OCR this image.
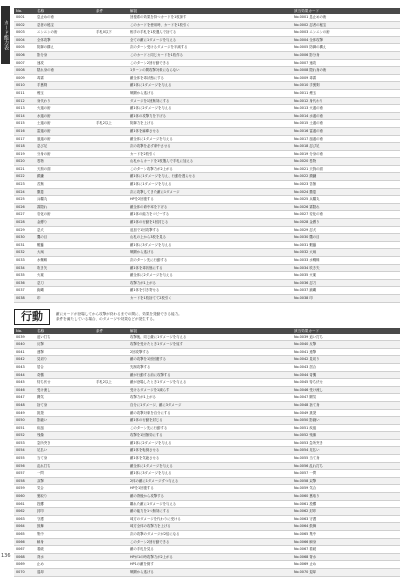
カード能力表
136
No.	名称	条件	解説	該当効果カード
0001	息止めの術		回復系の効果を持つカードを1枚探す	No.0001 息止めの術
0002	忍者の秘宝		このカードを使用時、カードを1枚引く	No.0002 忍者の秘宝
0003	ニンニンの術	手札0以下	相手の手札を1枚選んで捨てる	No.0003 ニンニンの術
0004	全体攻撃		全ての敵に1ダメージを与える	No.0004 全体攻撃
0005	防御の構え		次のターン受けるダメージを半減する	No.0005 防御の構え
0006	影分身		このカードと同じカードを1枚作る	No.0006 影分身
0007	速攻		このターン2回行動できる	No.0007 速攻
0008	隠れ身の術		1ターンの間攻撃対象にならない	No.0008 隠れ身の術
0009	毒霧		敵全体を毒状態にする	No.0009 毒霧
0010	手裏剣		敵1体に1ダメージを与える	No.0010 手裏剣
0011	煙玉		戦闘から逃げる	No.0011 煙玉
0012	身代わり		ダメージを1回無効にする	No.0012 身代わり
0013	火遁の術		敵1体に2ダメージを与える	No.0013 火遁の術
0014	水遁の術		敵1体の攻撃力を下げる	No.0014 水遁の術
0015	土遁の術	手札2以上	防御力を上げる	No.0015 土遁の術
0016	雷遁の術		敵1体を麻痺させる	No.0016 雷遁の術
0017	風遁の術		敵全体に1ダメージを与える	No.0017 風遁の術
0018	忍び足		次の攻撃を必ず命中させる	No.0018 忍び足
0019	分身の術		カードを2枚引く	No.0019 分身の術
0020	巻物		山札からカードを1枚選んで手札に加える	No.0020 巻物
0021	天狗の面		このターン攻撃力が2上がる	No.0021 天狗の面
0022	鎖鎌		敵1体に1ダメージを与え、行動を遅らせる	No.0022 鎖鎌
0023	苦無		敵1体に1ダメージを与える	No.0023 苦無
0024	撒菱		次に攻撃してきた敵に1ダメージ	No.0024 撒菱
0025	兵糧丸		HPを2回復する	No.0025 兵糧丸
0026	霧隠れ		敵全体の命中率を下げる	No.0026 霧隠れ
0027	変化の術		敵1体の能力をコピーする	No.0027 変化の術
0028	金縛り		敵1体の行動を1回封じる	No.0028 金縛り
0029	忍犬		追加で1回攻撃する	No.0029 忍犬
0030	鷹の目		山札の上から3枚を見る	No.0030 鷹の目
0031	蝦蟇		敵1体に3ダメージを与える	No.0031 蝦蟇
0032	大凧		戦闘から逃げる	No.0032 大凧
0033	水蜘蛛		次のターン先に行動する	No.0033 水蜘蛛
0034	吹き矢		敵1体を毒状態にする	No.0034 吹き矢
0035	火薬		敵全体に2ダメージを与える	No.0035 火薬
0036	忍刀		攻撃力が1上がる	No.0036 忍刀
0037	鉤縄		敵1体を引き寄せる	No.0037 鉤縄
0038	印		カードを1枚捨てて2枚引く	No.0038 印
行動	敵にカードが登場してから攻撃が終わるまでの間に、効果を発動できる能力。
条件を満たしている場合、のダメージや効果などが発生する。
No.	名称	条件	解説	該当効果カード
0039	追い打ち		攻撃後、同じ敵に1ダメージを与える	No.0039 追い打ち
0040	反撃		攻撃を受けたとき1ダメージを返す	No.0040 反撃
0041	連撃		2回攻撃する	No.0041 連撃
0042	見切り		敵の攻撃を1回回避する	No.0042 見切り
0043	居合		先制攻撃する	No.0043 居合
0044	奇襲		敵が行動する前に攻撃する	No.0044 奇襲
0045	待ち伏せ	手札2以上	敵が登場したとき1ダメージを与える	No.0045 待ち伏せ
0046	受け流し		受けるダメージを1減らす	No.0046 受け流し
0047	闘気		攻撃力が1上がる	No.0047 闘気
0048	捨て身		自分に1ダメージ、敵に3ダメージ	No.0048 捨て身
0049	挑発		敵の攻撃対象を自分にする	No.0049 挑発
0050	影縫い		敵1体の行動を封じる	No.0050 影縫い
0051	疾風		このターン先に行動する	No.0051 疾風
0052	残像		攻撃を1回無効にする	No.0052 残像
0053	急所突き		敵1体に2ダメージを与える	No.0053 急所突き
0054	足払い		敵1体を転倒させる	No.0054 足払い
0055	当て身		敵1体を気絶させる	No.0055 当て身
0056	乱れ打ち		敵全体に1ダメージを与える	No.0056 乱れ打ち
0057	一閃		敵1体に3ダメージを与える	No.0057 一閃
0058	双撃		2体の敵に1ダメージずつ与える	No.0058 双撃
0059	気合		HPを1回復する	No.0059 気合
0060	裏取り		敵の背後から攻撃する	No.0060 裏取り
0061	投擲		離れた敵に1ダメージを与える	No.0061 投擲
0062	封印		敵の能力を1つ無効にする	No.0062 封印
0063	守護		味方のダメージを代わりに受ける	No.0063 守護
0064	鼓舞		味方全体の攻撃力を上げる	No.0064 鼓舞
0065	集中		次の攻撃のダメージが2倍になる	No.0065 集中
0066	瞬身		このターン2回行動できる	No.0066 瞬身
0067	看破		敵の手札を見る	No.0067 看破
0068	背水		HPが1の時攻撃力が2上がる	No.0068 背水
0069	止め		HP1の敵を倒す	No.0069 止め
0070	退却		戦闘から逃げる	No.0070 退却
